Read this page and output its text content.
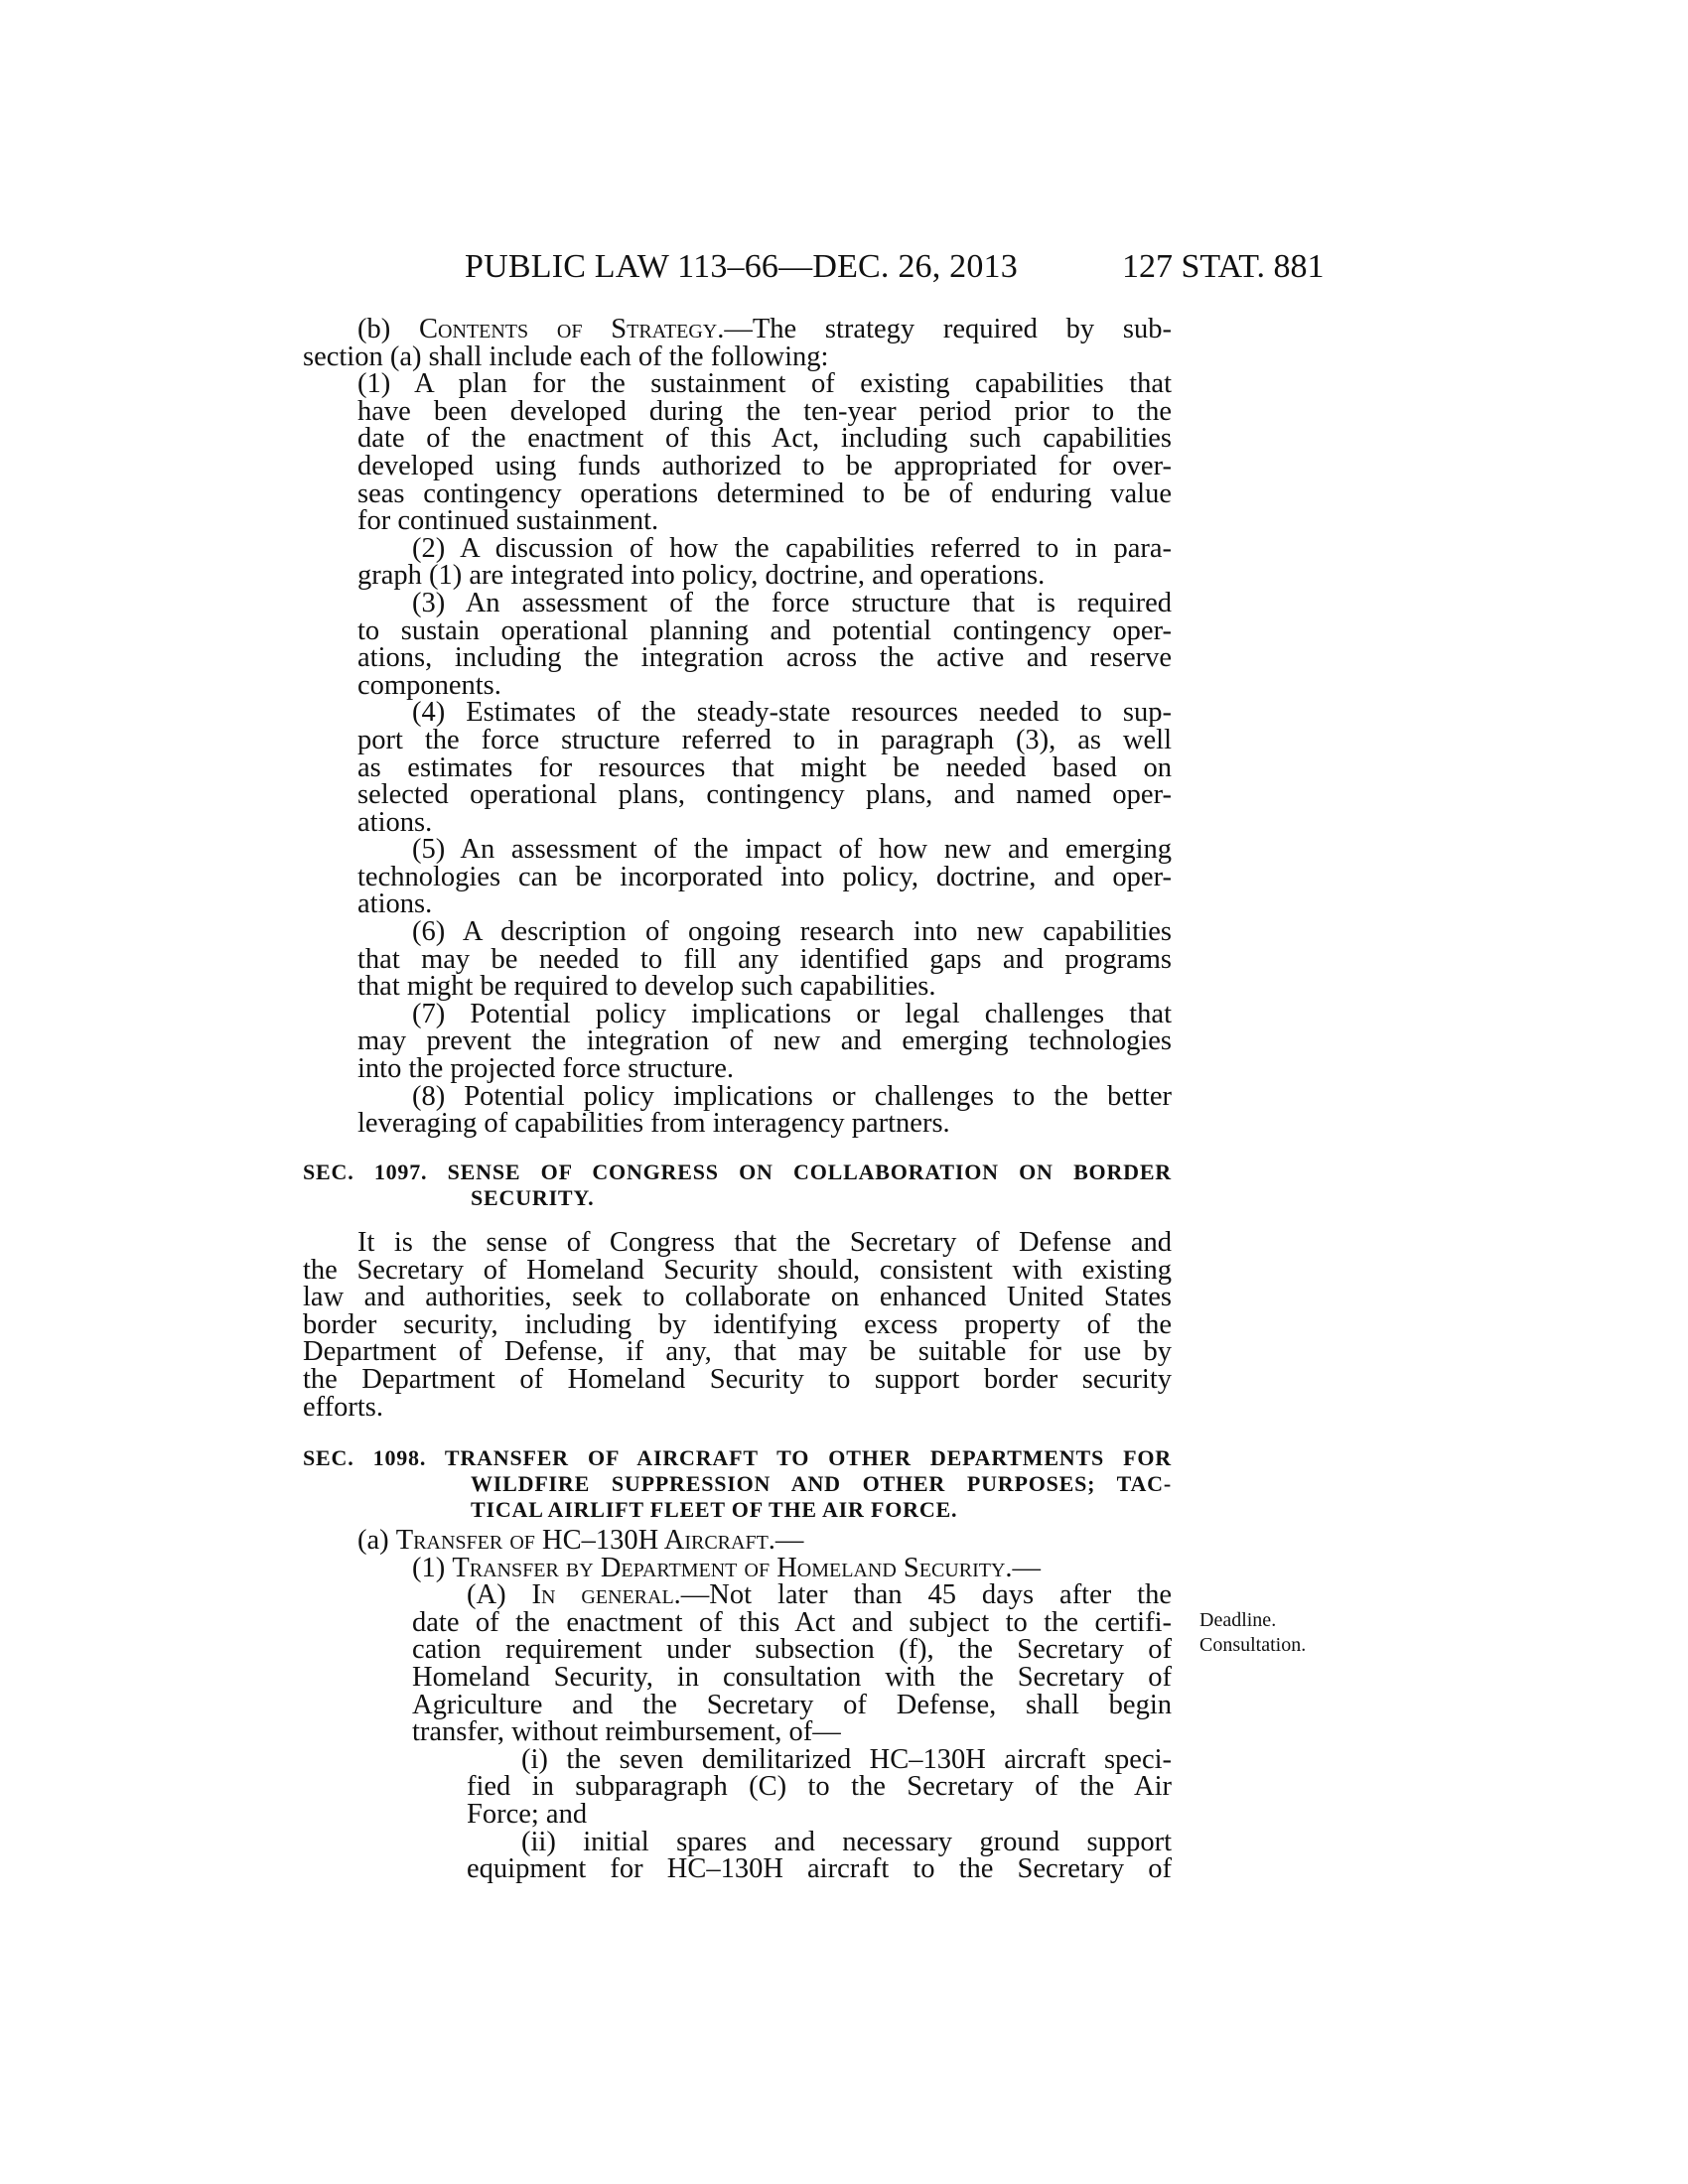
PUBLIC LAW 113–66—DEC. 26, 2013	127 STAT. 881
(b) Contents of Strategy.—The strategy required by sub-
section (a) shall include each of the following:
(1) A plan for the sustainment of existing capabilities that
have been developed during the ten-year period prior to the
date of the enactment of this Act, including such capabilities
developed using funds authorized to be appropriated for over-
seas contingency operations determined to be of enduring value
for continued sustainment.
(2) A discussion of how the capabilities referred to in para-
graph (1) are integrated into policy, doctrine, and operations.
(3) An assessment of the force structure that is required
to sustain operational planning and potential contingency oper-
ations, including the integration across the active and reserve
components.
(4) Estimates of the steady-state resources needed to sup-
port the force structure referred to in paragraph (3), as well
as estimates for resources that might be needed based on
selected operational plans, contingency plans, and named oper-
ations.
(5) An assessment of the impact of how new and emerging
technologies can be incorporated into policy, doctrine, and oper-
ations.
(6) A description of ongoing research into new capabilities
that may be needed to fill any identified gaps and programs
that might be required to develop such capabilities.
(7) Potential policy implications or legal challenges that
may prevent the integration of new and emerging technologies
into the projected force structure.
(8) Potential policy implications or challenges to the better
leveraging of capabilities from interagency partners.
SEC. 1097. SENSE OF CONGRESS ON COLLABORATION ON BORDER
SECURITY.
It is the sense of Congress that the Secretary of Defense and
the Secretary of Homeland Security should, consistent with existing
law and authorities, seek to collaborate on enhanced United States
border security, including by identifying excess property of the
Department of Defense, if any, that may be suitable for use by
the Department of Homeland Security to support border security
efforts.
SEC. 1098. TRANSFER OF AIRCRAFT TO OTHER DEPARTMENTS FOR
WILDFIRE SUPPRESSION AND OTHER PURPOSES; TAC-
TICAL AIRLIFT FLEET OF THE AIR FORCE.
(a) Transfer of HC–130H Aircraft.—
(1) Transfer by Department of Homeland Security.—
(A) In general.—Not later than 45 days after the
date of the enactment of this Act and subject to the certifi-
cation requirement under subsection (f), the Secretary of
Homeland Security, in consultation with the Secretary of
Agriculture and the Secretary of Defense, shall begin
transfer, without reimbursement, of—
(i) the seven demilitarized HC–130H aircraft speci-
fied in subparagraph (C) to the Secretary of the Air
Force; and
(ii) initial spares and necessary ground support
equipment for HC–130H aircraft to the Secretary of
Deadline.
Consultation.
